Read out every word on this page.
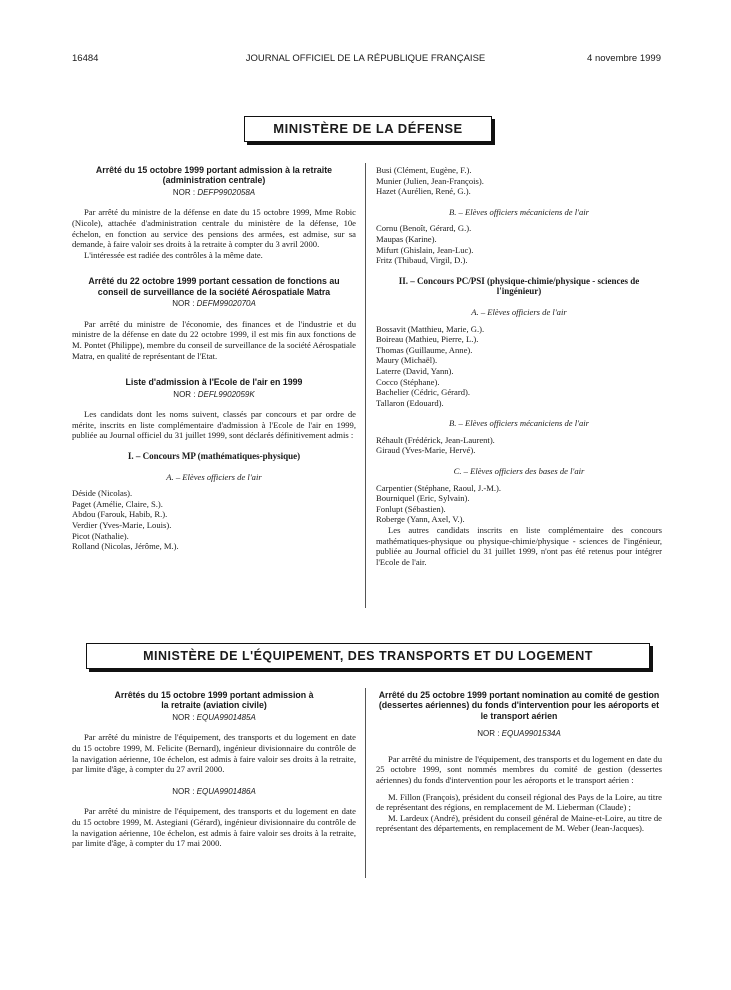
16484	JOURNAL OFFICIEL DE LA RÉPUBLIQUE FRANÇAISE	4 novembre 1999
MINISTÈRE DE LA DÉFENSE
Arrêté du 15 octobre 1999 portant admission à la retraite (administration centrale)
NOR : DEFP9902058A

Par arrêté du ministre de la défense en date du 15 octobre 1999, Mme Robic (Nicole), attachée d'administration centrale du ministère de la défense, 10e échelon, en fonction au service des pensions des armées, est admise, sur sa demande, à faire valoir ses droits à la retraite à compter du 3 avril 2000.

L'intéressée est radiée des contrôles à la même date.

Arrêté du 22 octobre 1999 portant cessation de fonctions au conseil de surveillance de la société Aérospatiale Matra
NOR : DEFM9902070A

Par arrêté du ministre de l'économie, des finances et de l'industrie et du ministre de la défense en date du 22 octobre 1999, il est mis fin aux fonctions de M. Pontet (Philippe), membre du conseil de surveillance de la société Aérospatiale Matra, en qualité de représentant de l'Etat.

Liste d'admission à l'Ecole de l'air en 1999
NOR : DEFL9902059K

Les candidats dont les noms suivent, classés par concours et par ordre de mérite, inscrits en liste complémentaire d'admission à l'Ecole de l'air en 1999, publiée au Journal officiel du 31 juillet 1999, sont déclarés définitivement admis :

I. – Concours MP (mathématiques-physique)
A. – Elèves officiers de l'air
Déside (Nicolas).
Paget (Amélie, Claire, S.).
Abdou (Farouk, Habib, R.).
Verdier (Yves-Marie, Louis).
Picot (Nathalie).
Rolland (Nicolas, Jérôme, M.).
Busi (Clément, Eugène, F.).
Munier (Julien, Jean-François).
Hazet (Aurélien, René, G.).
B. – Elèves officiers mécaniciens de l'air
Cornu (Benoît, Gérard, G.).
Maupas (Karine).
Mifurt (Ghislain, Jean-Luc).
Fritz (Thibaud, Virgil, D.).
II. – Concours PC/PSI (physique-chimie/physique - sciences de l'ingénieur)
A. – Elèves officiers de l'air
Bossavit (Matthieu, Marie, G.).
Boireau (Mathieu, Pierre, L.).
Thomas (Guillaume, Anne).
Maury (Michaël).
Laterre (David, Yann).
Cocco (Stéphane).
Bachelier (Cédric, Gérard).
Tallaron (Edouard).
B. – Elèves officiers mécaniciens de l'air
Réhault (Frédérick, Jean-Laurent).
Giraud (Yves-Marie, Hervé).
C. – Elèves officiers des bases de l'air
Carpentier (Stéphane, Raoul, J.-M.).
Bourniquel (Eric, Sylvain).
Fonlupt (Sébastien).
Roberge (Yann, Axel, V.).

Les autres candidats inscrits en liste complémentaire des concours mathématiques-physique ou physique-chimie/physique - sciences de l'ingénieur, publiée au Journal officiel du 31 juillet 1999, n'ont pas été retenus pour intégrer l'Ecole de l'air.

MINISTÈRE DE L'ÉQUIPEMENT, DES TRANSPORTS ET DU LOGEMENT
Arrêtés du 15 octobre 1999 portant admission à la retraite (aviation civile)
NOR : EQUA9901485A

Par arrêté du ministre de l'équipement, des transports et du logement en date du 15 octobre 1999, M. Felicite (Bernard), ingénieur divisionnaire du contrôle de la navigation aérienne, 10e échelon, est admis à faire valoir ses droits à la retraite, par limite d'âge, à compter du 27 avril 2000.

NOR : EQUA9901486A

Par arrêté du ministre de l'équipement, des transports et du logement en date du 15 octobre 1999, M. Astegiani (Gérard), ingénieur divisionnaire du contrôle de la navigation aérienne, 10e échelon, est admis à faire valoir ses droits à la retraite, par limite d'âge, à compter du 17 mai 2000.

Arrêté du 25 octobre 1999 portant nomination au comité de gestion (dessertes aériennes) du fonds d'intervention pour les aéroports et le transport aérien
NOR : EQUA9901534A

Par arrêté du ministre de l'équipement, des transports et du logement en date du 25 octobre 1999, sont nommés membres du comité de gestion (dessertes aériennes) du fonds d'intervention pour les aéroports et le transport aérien :

M. Fillon (François), président du conseil régional des Pays de la Loire, au titre de représentant des régions, en remplacement de M. Lieberman (Claude) ;

M. Lardeux (André), président du conseil général de Maine-et-Loire, au titre de représentant des départements, en remplacement de M. Weber (Jean-Jacques).
